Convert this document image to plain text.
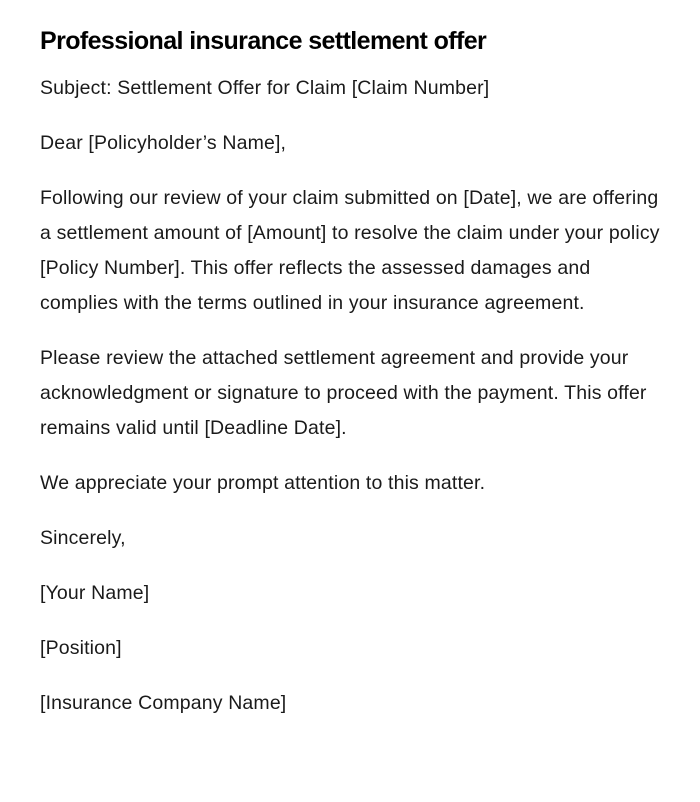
Professional insurance settlement offer

Subject: Settlement Offer for Claim [Claim Number]

Dear [Policyholder’s Name],

Following our review of your claim submitted on [Date], we are offering a settlement amount of [Amount] to resolve the claim under your policy [Policy Number]. This offer reflects the assessed damages and complies with the terms outlined in your insurance agreement.

Please review the attached settlement agreement and provide your acknowledgment or signature to proceed with the payment. This offer remains valid until [Deadline Date].

We appreciate your prompt attention to this matter.

Sincerely,

[Your Name]

[Position]

[Insurance Company Name]
